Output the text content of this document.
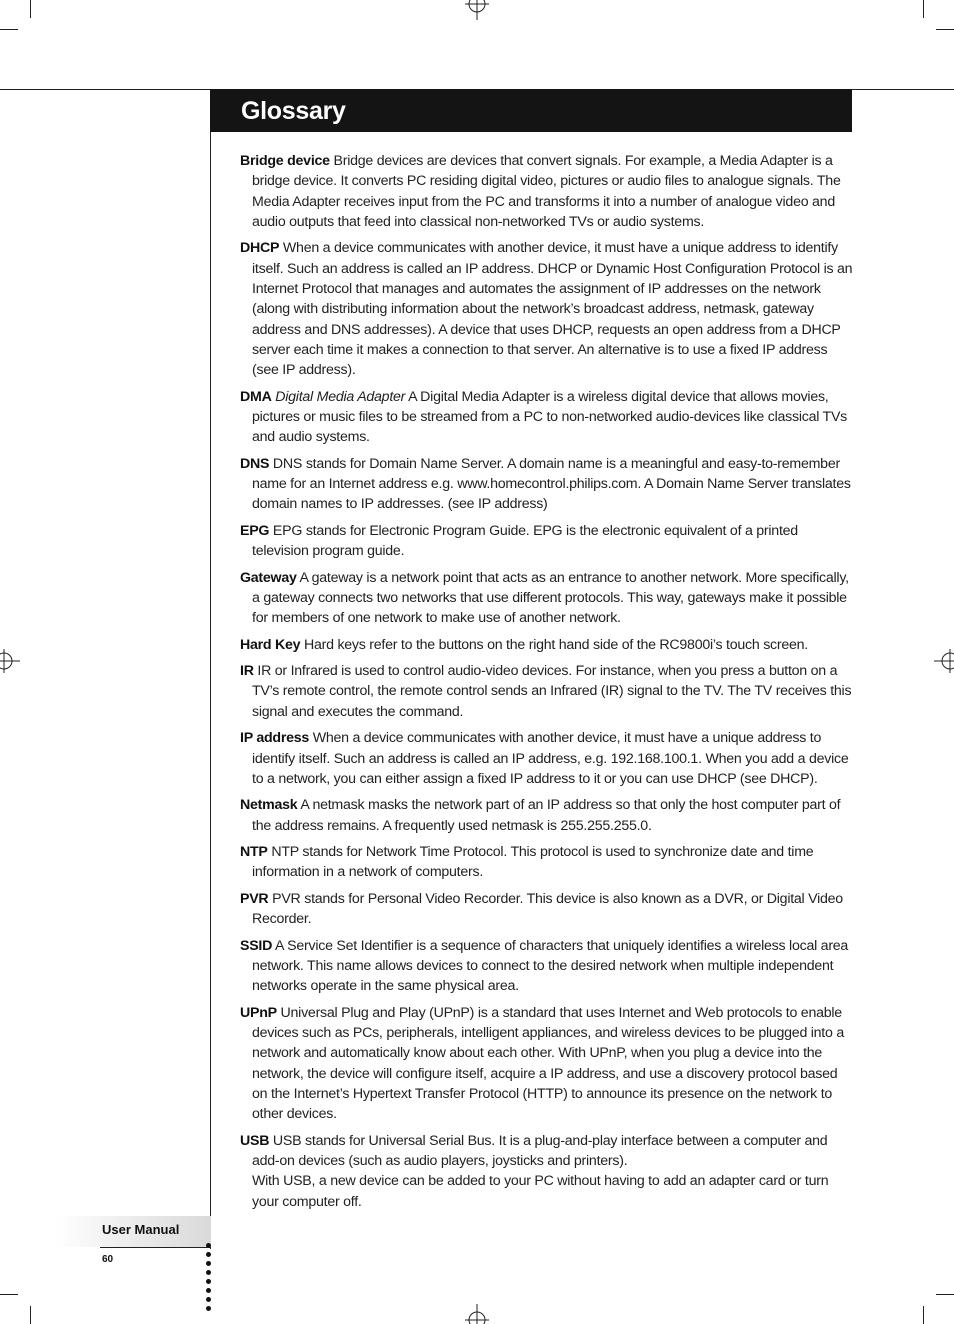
Glossary

Bridge device Bridge devices are devices that convert signals. For example, a Media Adapter is a bridge device. It converts PC residing digital video, pictures or audio files to analogue signals. The Media Adapter receives input from the PC and transforms it into a number of analogue video and audio outputs that feed into classical non-networked TVs or audio systems.

DHCP When a device communicates with another device, it must have a unique address to identify itself. Such an address is called an IP address. DHCP or Dynamic Host Configuration Protocol is an Internet Protocol that manages and automates the assignment of IP addresses on the network (along with distributing information about the network’s broadcast address, netmask, gateway address and DNS addresses). A device that uses DHCP, requests an open address from a DHCP server each time it makes a connection to that server. An alternative is to use a fixed IP address (see IP address).

DMA Digital Media Adapter A Digital Media Adapter is a wireless digital device that allows movies, pictures or music files to be streamed from a PC to non-networked audio-devices like classical TVs and audio systems.

DNS DNS stands for Domain Name Server. A domain name is a meaningful and easy-to-remember name for an Internet address e.g. www.homecontrol.philips.com. A Domain Name Server translates domain names to IP addresses. (see IP address)

EPG EPG stands for Electronic Program Guide. EPG is the electronic equivalent of a printed television program guide.

Gateway A gateway is a network point that acts as an entrance to another network. More specifically, a gateway connects two networks that use different protocols. This way, gateways make it possible for members of one network to make use of another network.

Hard Key Hard keys refer to the buttons on the right hand side of the RC9800i’s touch screen.

IR IR or Infrared is used to control audio-video devices. For instance, when you press a button on a TV’s remote control, the remote control sends an Infrared (IR) signal to the TV. The TV receives this signal and executes the command.

IP address When a device communicates with another device, it must have a unique address to identify itself. Such an address is called an IP address, e.g. 192.168.100.1. When you add a device to a network, you can either assign a fixed IP address to it or you can use DHCP (see DHCP).

Netmask A netmask masks the network part of an IP address so that only the host computer part of the address remains. A frequently used netmask is 255.255.255.0.

NTP NTP stands for Network Time Protocol. This protocol is used to synchronize date and time information in a network of computers.

PVR PVR stands for Personal Video Recorder. This device is also known as a DVR, or Digital Video Recorder.

SSID A Service Set Identifier is a sequence of characters that uniquely identifies a wireless local area network. This name allows devices to connect to the desired network when multiple independent networks operate in the same physical area.

UPnP Universal Plug and Play (UPnP) is a standard that uses Internet and Web protocols to enable devices such as PCs, peripherals, intelligent appliances, and wireless devices to be plugged into a network and automatically know about each other. With UPnP, when you plug a device into the network, the device will configure itself, acquire a IP address, and use a discovery protocol based on the Internet’s Hypertext Transfer Protocol (HTTP) to announce its presence on the network to other devices.

USB USB stands for Universal Serial Bus. It is a plug-and-play interface between a computer and add-on devices (such as audio players, joysticks and printers).
With USB, a new device can be added to your PC without having to add an adapter card or turn your computer off.

User Manual
60
